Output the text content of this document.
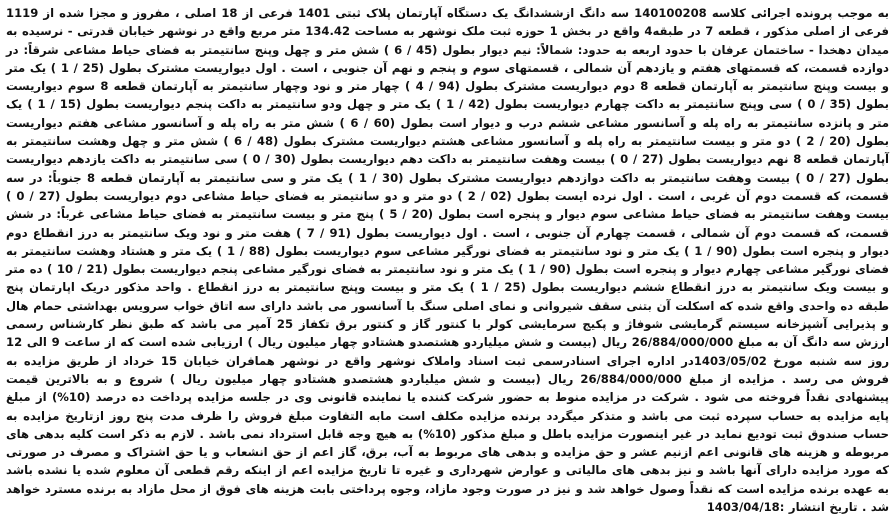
به موجب پرونده اجرائی کلاسه 140100208 سه دانگ ازششدانگ یک دستگاه آپارتمان پلاک ثبتی 1401 فرعی از 18 اصلی ، مفروز و مجزا شده از 1119 فرعی از اصلی مذکور ، قطعه 7 در طبقه4 واقع در بخش 1 حوزه ثبت ملک نوشهر به مساحت 134.42 متر مربع واقع در نوشهر خیابان قدرتی - نرسیده به میدان دهخدا - ساختمان عرفان با حدود اربعه به حدود: شمالاً: نیم دیوار بطول (45 / 6 ) شش متر و چهل وپنج سانتیمتر به فضای حیاط مشاعی شرقاً: در دوازده قسمت، که قسمتهای هفتم و یازدهم آن شمالی ، قسمتهای سوم و پنجم و نهم آن جنوبی ، است . اول دیواریست مشترک بطول (25 / 1 ) یک متر و بیست وپنج سانتیمتر به آپارتمان قطعه 8 دوم دیواریست مشترک بطول (94 / 4 ) چهار متر و نود وچهار سانتیمتر به آپارتمان قطعه 8 سوم دیواریست بطول (35 / 0 ) سی وپنج سانتیمتر به داکت چهارم دیواریست بطول (42 / 1 ) یک متر و چهل ودو سانتیمتر به داکت پنجم دیواریست بطول (15 / 1 ) یک متر و پانزده سانتیمتر به راه پله و آسانسور مشاعی ششم درب و دیوار است بطول (60 / 6 ) شش متر به راه پله و آسانسور مشاعی هفتم دیواریست بطول (20 / 2 ) دو متر و بیست سانتیمتر به راه پله و آسانسور مشاعی هشتم دیواریست مشترک بطول (48 / 6 ) شش متر و چهل وهشت سانتیمتر به آپارتمان قطعه 8 نهم دیواریست بطول (27 / 0 ) بیست وهفت سانتیمتر به داکت دهم دیواریست بطول (30 / 0 ) سی سانتیمتر به داکت یازدهم دیواریست بطول (27 / 0 ) بیست وهفت سانتیمتر به داکت دوازدهم دیواریست مشترک بطول (30 / 1 ) یک متر و سی سانتیمتر به آپارتمان قطعه 8 جنوباً: در سه قسمت، که قسمت دوم آن غربی ، است . اول نرده ایست بطول (02 / 2 ) دو متر و دو سانتیمتر به فضای حیاط مشاعی دوم دیواریست بطول (27 / 0 ) بیست وهفت سانتیمتر به فضای حیاط مشاعی سوم دیوار و پنجره است بطول (20 / 5 ) پنج متر و بیست سانتیمتر به فضای حیاط مشاعی غرباً: در شش قسمت، که قسمت دوم آن شمالی ، قسمت چهارم آن جنوبی ، است . اول دیواریست بطول (91 / 7 ) هفت متر و نود ویک سانتیمتر به درز انقطاع دوم دیوار و پنجره است بطول (90 / 1 ) یک متر و نود سانتیمتر به فضای نورگیر مشاعی سوم دیواریست بطول (88 / 1 ) یک متر و هشتاد وهشت سانتیمتر به فضای نورگیر مشاعی چهارم دیوار و پنجره است بطول (90 / 1 ) یک متر و نود سانتیمتر به فضای نورگیر مشاعی پنجم دیواریست بطول (21 / 10 ) ده متر و بیست ویک سانتیمتر به درز انقطاع ششم دیواریست بطول (25 / 1 ) یک متر و بیست وپنج سانتیمتر به درز انقطاع . واحد مذکور دریک اپارتمان پنج طبقه ده واحدی واقع شده که اسکلت آن بتنی سقف شیروانی و نمای اصلی سنگ با آسانسور می باشد دارای سه اتاق خواب سرویس بهداشتی حمام هال و پذیرایی آشپزخانه سیستم گرمایشی شوفاژ و پکیج سرمایشی کولر با کنتور گاز و کنتور برق تکفاز 25 آمپر می باشد که طبق نظر کارشناس رسمی ارزش سه دانگ آن به مبلغ 26/884/000/000 ریال (بیست و شش میلیاردو هشتصدو هشتادو چهار میلیون ریال ) ارزیابی شده است که از ساعت 9 الی 12 روز سه شنبه مورخ 1403/05/02در اداره اجرای اسنادرسمی ثبت اسناد واملاک نوشهر واقع در نوشهر همافران خیابان 15 خرداد از طریق مزایده به فروش می رسد . مزایده از مبلغ 26/884/000/000 ریال (بیست و شش میلیاردو هشتصدو هشتادو چهار میلیون ریال ) شروع و به بالاترین قیمت پیشنهادی نقداً فروخته می شود . شرکت در مزایده منوط به حضور شرکت کننده یا نماینده قانونی وی در جلسه مزایده پرداخت ده درصد (10%) از مبلغ پایه مزایده به حساب سپرده ثبت می باشد و متذکر میگردد برنده مزایده مکلف است مابه التفاوت مبلغ فروش را ظرف مدت پنج روز ازتاریخ مزایده به حساب صندوق ثبت تودیع نماید در غیر اینصورت مزایده باطل و مبلغ مذکور (10%) به هیچ وجه قابل استرداد نمی باشد . لازم به ذکر است کلیه بدهی های مربوطه و هزینه های قانونی اعم ازنیم عشر و حق مزایده و بدهی های مربوط به آب، برق، گاز اعم از حق انشعاب و یا حق اشتراک و مصرف در صورتی که مورد مزایده دارای آنها باشد و نیز بدهی های مالیاتی و عوارض شهرداری و غیره تا تاریخ مزایده اعم از اینکه رقم قطعی آن معلوم شده یا نشده باشد به عهده برنده مزایده است که نقداً وصول خواهد شد و نیز در صورت وجود مازاد، وجوه پرداختی بابت هزینه های فوق از محل مازاد به برنده مسترد خواهد شد . تاریخ انتشار :1403/04/18
